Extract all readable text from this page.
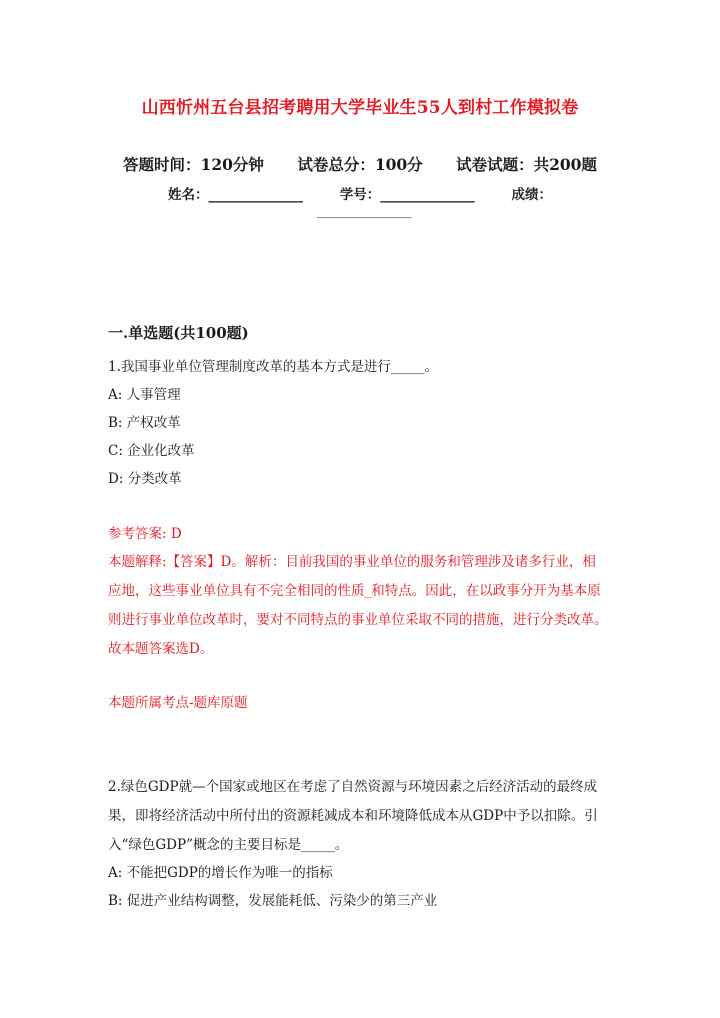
山西忻州五台县招考聘用大学毕业生55人到村工作模拟卷
答题时间：120分钟 试卷总分：100分 试卷试题：共200题
姓名：______________	学号：______________	成绩：
______________
一.单选题(共100题)
1.我国事业单位管理制度改革的基本方式是进行_____。
A: 人事管理
B: 产权改革
C: 企业化改革
D: 分类改革
参考答案: D
本题解释:【答案】D。解析：目前我国的事业单位的服务和管理涉及诸多行业，相应地，这些事业单位具有不完全相同的性质_和特点。因此，在以政事分开为基本原则进行事业单位改革时，要对不同特点的事业单位采取不同的措施，进行分类改革。故本题答案选D。
本题所属考点-题库原题
2.绿色GDP就—个国家或地区在考虑了自然资源与环境因素之后经济活动的最终成果，即将经济活动中所付出的资源耗减成本和环境降低成本从GDP中予以扣除。引入“绿色GDP”概念的主要目标是_____。
A: 不能把GDP的增长作为唯一的指标
B: 促进产业结构调整，发展能耗低、污染少的第三产业
